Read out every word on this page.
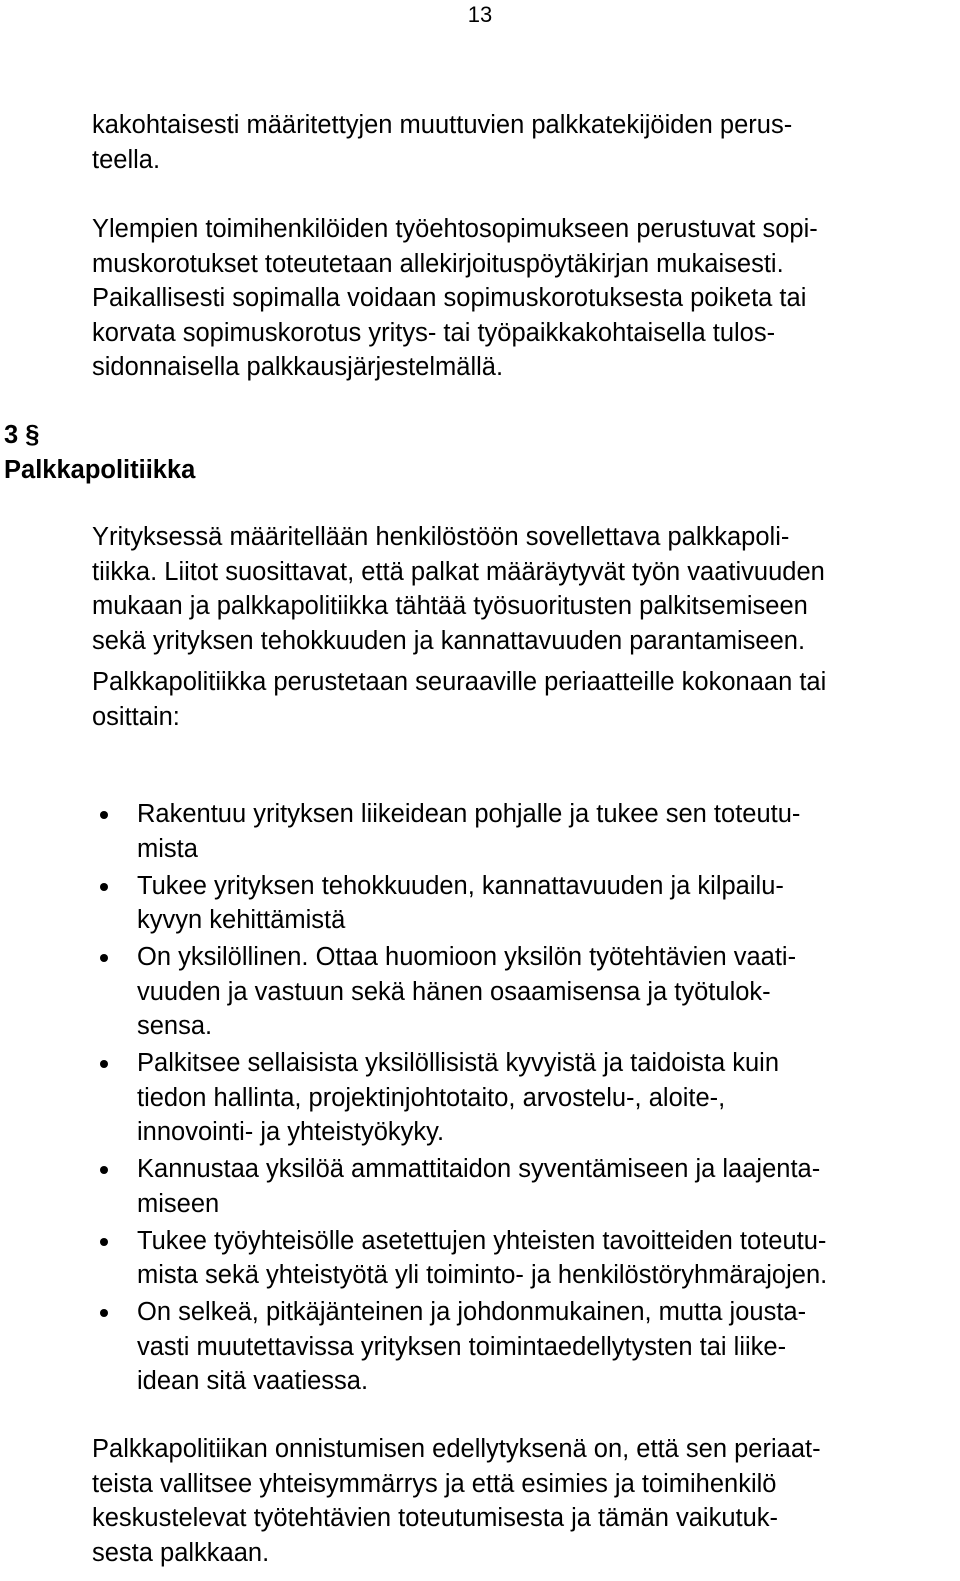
13

kakohtaisesti määritettyjen muuttuvien palkkatekijöiden perus-
teella.

Ylempien toimihenkilöiden työehtosopimukseen perustuvat sopi-
muskorotukset toteutetaan allekirjoituspöytäkirjan mukaisesti.
Paikallisesti sopimalla voidaan sopimuskorotuksesta poiketa tai
korvata sopimuskorotus yritys- tai työpaikkakohtaisella tulos-
sidonnaisella palkkausjärjestelmällä.

3 §
Palkkapolitiikka

Yrityksessä määritellään henkilöstöön sovellettava palkkapoli-
tiikka. Liitot suosittavat, että palkat määräytyvät työn vaativuuden
mukaan ja palkkapolitiikka tähtää työsuoritusten palkitsemiseen
sekä yrityksen tehokkuuden ja kannattavuuden parantamiseen.

Palkkapolitiikka perustetaan seuraaville periaatteille kokonaan tai
osittain:

Rakentuu yrityksen liikeidean pohjalle ja tukee sen toteutu-
mista
Tukee yrityksen tehokkuuden, kannattavuuden ja kilpailu-
kyvyn kehittämistä
On yksilöllinen. Ottaa huomioon yksilön työtehtävien vaati-
vuuden ja vastuun sekä hänen osaamisensa ja työtulok-
sensa.
Palkitsee sellaisista yksilöllisistä kyvyistä ja taidoista kuin
tiedon hallinta, projektinjohtotaito, arvostelu-, aloite-,
innovointi- ja yhteistyökyky.
Kannustaa yksilöä ammattitaidon syventämiseen ja laajenta-
miseen
Tukee työyhteisölle asetettujen yhteisten tavoitteiden toteutu-
mista sekä yhteistyötä yli toiminto- ja henkilöstöryhmärajojen.
On selkeä, pitkäjänteinen ja johdonmukainen, mutta jousta-
vasti muutettavissa yrityksen toimintaedellytysten tai liike-
idean sitä vaatiessa.

Palkkapolitiikan onnistumisen edellytyksenä on, että sen periaat-
teista vallitsee yhteisymmärrys ja että esimies ja toimihenkilö
keskustelevat työtehtävien toteutumisesta ja tämän vaikutuk-
sesta palkkaan.
